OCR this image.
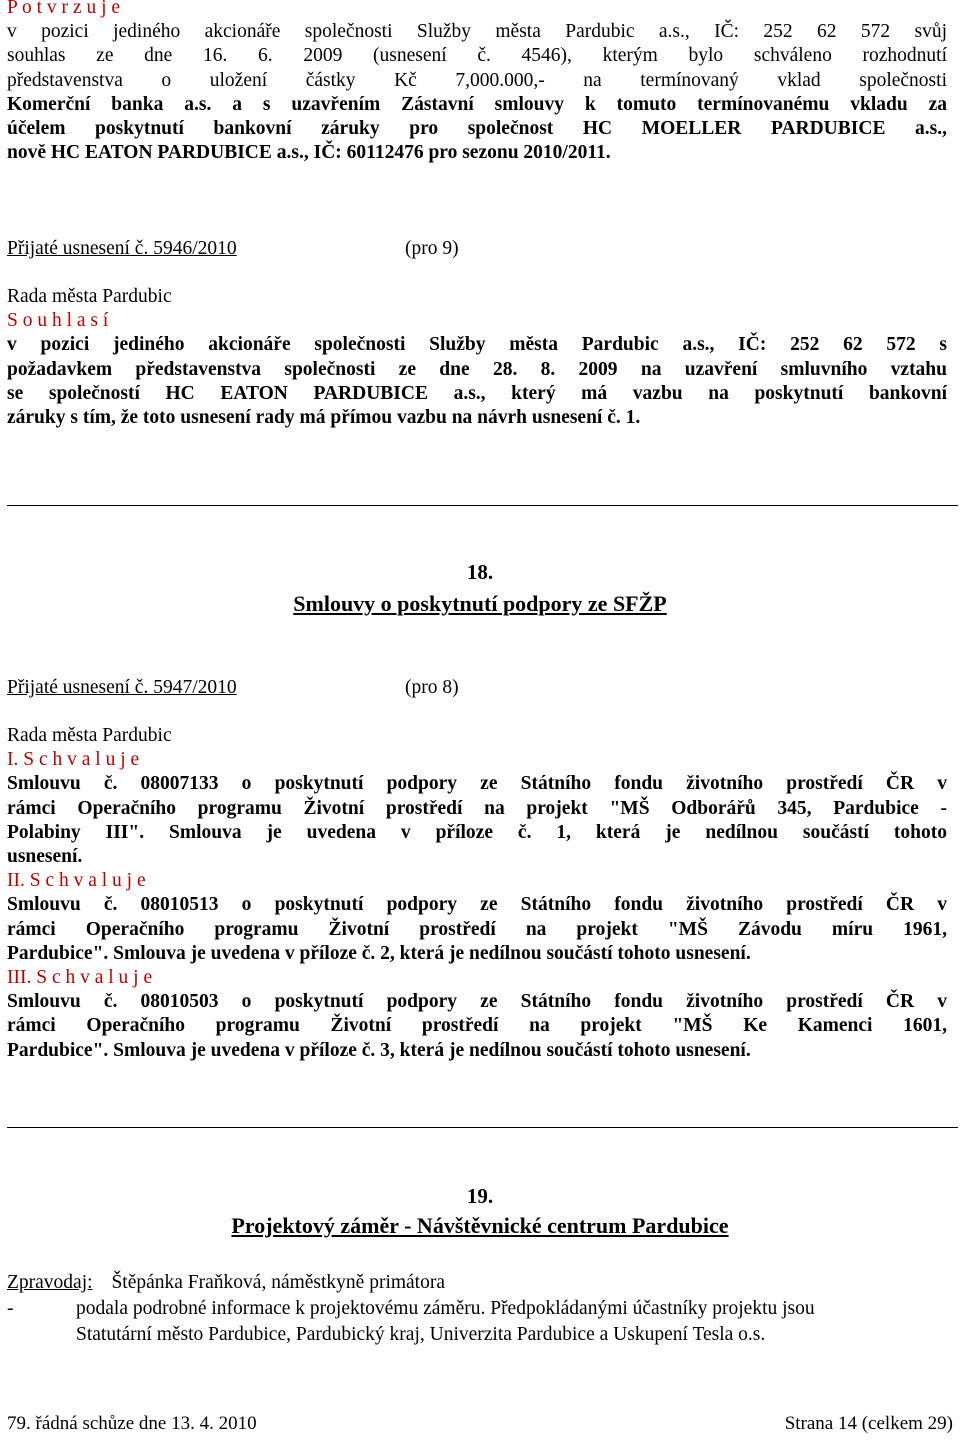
P o t v r z u j e

v pozici jediného akcionáře společnosti Služby města Pardubic a.s., IČ: 252 62 572 svůj

souhlas ze dne 16. 6. 2009 (usnesení č. 4546), kterým bylo schváleno rozhodnutí

představenstva o uložení částky Kč 7,000.000,- na termínovaný vklad společnosti

Komerční banka a.s. a s uzavřením Zástavní smlouvy k tomuto termínovanému vkladu za

účelem poskytnutí bankovní záruky pro společnost HC MOELLER PARDUBICE a.s.,

nově HC EATON PARDUBICE a.s., IČ: 60112476 pro sezonu 2010/2011.

Přijaté usnesení č. 5946/2010	(pro 9)

Rada města Pardubic

S o u h l a s í

v pozici jediného akcionáře společnosti Služby města Pardubic a.s., IČ: 252 62 572 s

požadavkem představenstva společnosti ze dne 28. 8. 2009 na uzavření smluvního vztahu

se společností HC EATON PARDUBICE a.s., který má vazbu na poskytnutí bankovní

záruky s tím, že toto usnesení rady má přímou vazbu na návrh usnesení č. 1.

18.
Smlouvy o poskytnutí podpory ze SFŽP
Přijaté usnesení č. 5947/2010	(pro 8)

Rada města Pardubic

I. S c h v a l u j e

Smlouvu č. 08007133 o poskytnutí podpory ze Státního fondu životního prostředí ČR v

rámci Operačního programu Životní prostředí na projekt "MŠ Odborářů 345, Pardubice -

Polabiny III". Smlouva je uvedena v příloze č. 1, která je nedílnou součástí tohoto

usnesení.

II. S c h v a l u j e

Smlouvu č. 08010513 o poskytnutí podpory ze Státního fondu životního prostředí ČR v

rámci Operačního programu Životní prostředí na projekt "MŠ Závodu míru 1961,

Pardubice". Smlouva je uvedena v příloze č. 2, která je nedílnou součástí tohoto usnesení.

III. S c h v a l u j e

Smlouvu č. 08010503 o poskytnutí podpory ze Státního fondu životního prostředí ČR v

rámci Operačního programu Životní prostředí na projekt "MŠ Ke Kamenci 1601,

Pardubice". Smlouva je uvedena v příloze č. 3, která je nedílnou součástí tohoto usnesení.

19.
Projektový záměr - Návštěvnické centrum Pardubice
Zpravodaj: Štěpánka Fraňková, náměstkyně primátora
-	podala podrobné informace k projektovému záměru. Předpokládanými účastníky projektu jsou

Statutární město Pardubice, Pardubický kraj, Univerzita Pardubice a Uskupení Tesla o.s.

79. řádná schůze dne 13. 4. 2010	Strana 14 (celkem 29)
